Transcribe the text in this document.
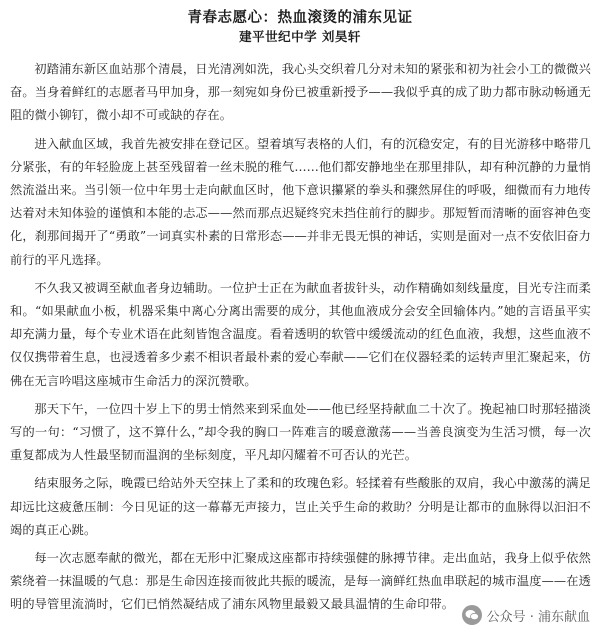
青春志愿心：热血滚烫的浦东见证
建平世纪中学 刘昊轩

初踏浦东新区血站那个清晨，日光清冽如洗，我心头交织着几分对未知的紧张和初为社会小工的微微兴奋。当身着鲜红的志愿者马甲加身，那一刻宛如身份已被重新授予——我似乎真的成了助力都市脉动畅通无阻的微小铆钉，微小却不可或缺的存在。

进入献血区域，我首先被安排在登记区。望着填写表格的人们，有的沉稳安定，有的目光游移中略带几分紧张，有的年轻脸庞上甚至残留着一丝未脱的稚气……他们都安静地坐在那里排队，却有种沉静的力量悄然流溢出来。当引领一位中年男士走向献血区时，他下意识攥紧的拳头和骤然屏住的呼吸，细微而有力地传达着对未知体验的谨慎和本能的忐忑——然而那点迟疑终究未挡住前行的脚步。那短暂而清晰的面容神色变化，刹那间揭开了“勇敢”一词真实朴素的日常形态——并非无畏无惧的神话，实则是面对一点不安依旧奋力前行的平凡选择。

不久我又被调至献血者身边辅助。一位护士正在为献血者拔针头，动作精确如刻线量度，目光专注而柔和。“如果献血小板，机器采集中离心分离出需要的成分，其他血液成分会安全回输体内。”她的言语虽平实却充满力量，每个专业术语在此刻皆饱含温度。看着透明的软管中缓缓流动的红色血液，我想，这些血液不仅仅携带着生息，也浸透着多少素不相识者最朴素的爱心奉献——它们在仪器轻柔的运转声里汇聚起来，仿佛在无言吟唱这座城市生命活力的深沉赞歌。

那天下午，一位四十岁上下的男士悄然来到采血处——他已经坚持献血二十次了。挽起袖口时那轻描淡写的一句：“习惯了，这不算什么，”却令我的胸口一阵难言的暖意激荡——当善良演变为生活习惯，每一次重复都成为人性最坚韧而温润的坐标刻度，平凡却闪耀着不可否认的光芒。

结束服务之际，晚霞已给站外天空抹上了柔和的玫瑰色彩。轻揉着有些酸胀的双肩，我心中激荡的满足却远比这疲惫压制：今日见证的这一幕幕无声接力，岂止关乎生命的救助？分明是让都市的血脉得以汩汩不竭的真正心跳。

每一次志愿奉献的微光，都在无形中汇聚成这座都市持续强健的脉搏节律。走出血站，我身上似乎依然萦绕着一抹温暖的气息：那是生命因连接而彼此共振的暖流，是每一滴鲜红热血串联起的城市温度——在透明的导管里流淌时，它们已悄然凝结成了浦东风物里最毅又最具温情的生命印带。

公众号 · 浦东献血
